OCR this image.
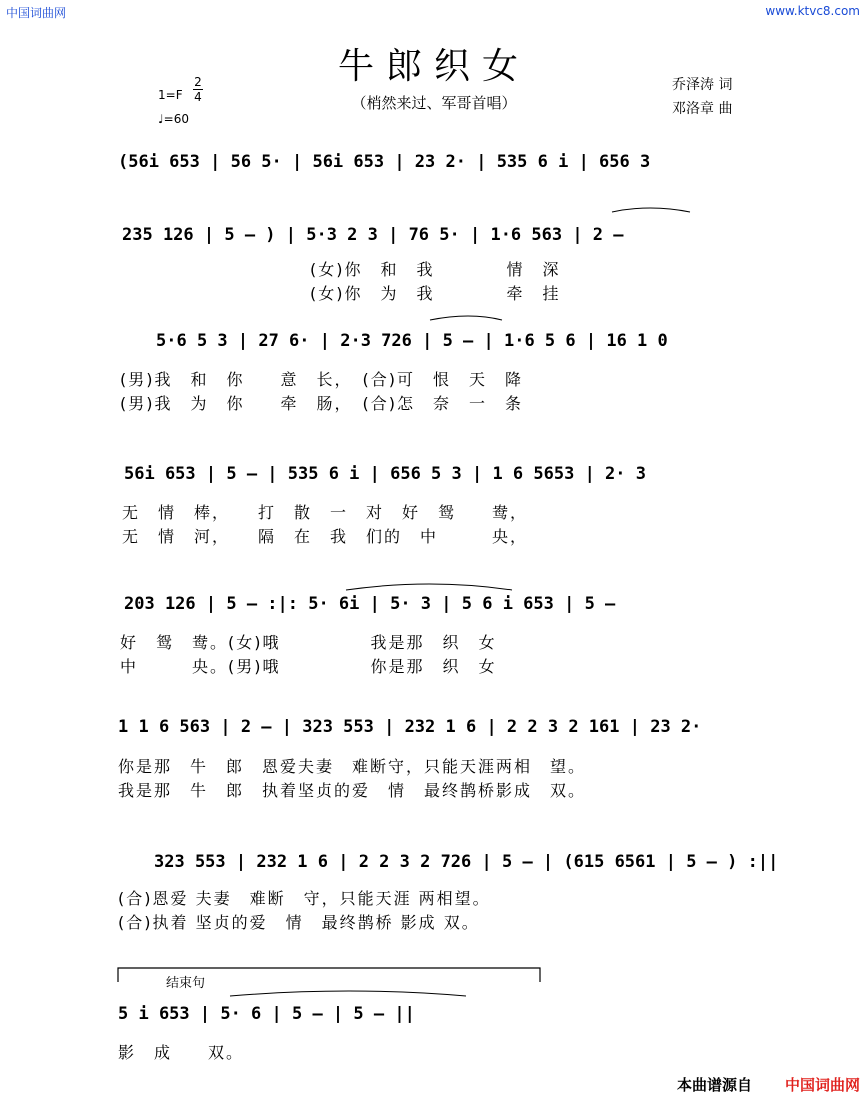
中国词曲网	www.ktvc8.com
牛郎织女
（梢然来过、军哥首唱）
乔泽涛 词
邓洛章 曲
1=F
2
4
♩=60
(56i 653 | 56 5· | 56i 653 | 23 2· | 535 6 i | 656 3
235 126 | 5 – ) | 5·3 2 3 | 76 5· | 1·6 563 | 2 –
(女)你　和　我　　　　情　深
(女)你　为　我　　　　牵　挂
5·6 5 3 | 27 6· | 2·3 726 | 5 – | 1·6 5 6 | 16 1 0
(男)我　和　你　　意　长，　(合)可　恨　天　降
(男)我　为　你　　牵　肠，　(合)怎　奈　一　条
56i 653 | 5 – | 535 6 i | 656 5 3 | 1 6 5653 | 2· 3
无　情　棒，　　打　散　一　对　好　鸳　　鸯，
无　情　河，　　隔　在　我　们的　中　　　央，
203 126 | 5 – :|: 5· 6i | 5· 3 | 5 6 i 653 | 5 –
好　鸳　鸯。(女)哦　　　　　我是那　织　女
中　　　央。(男)哦　　　　　你是那　织　女
1 1 6 563 | 2 – | 323 553 | 232 1 6 | 2 2 3 2 161 | 23 2·
你是那　牛　郎　恩爱夫妻　难断守，只能天涯两相　望。
我是那　牛　郎　执着坚贞的爱　情　最终鹊桥影成　双。
323 553 | 232 1 6 | 2 2 3 2 726 | 5 – | (615 6561 | 5 – ) :||
(合)恩爱 夫妻　难断　守，只能天涯 两相望。
(合)执着 坚贞的爱　情　最终鹊桥 影成 双。
结束句
5 i 653 | 5· 6 | 5 – | 5 – ||
影　成　　双。
本曲谱源自 中国词曲网
